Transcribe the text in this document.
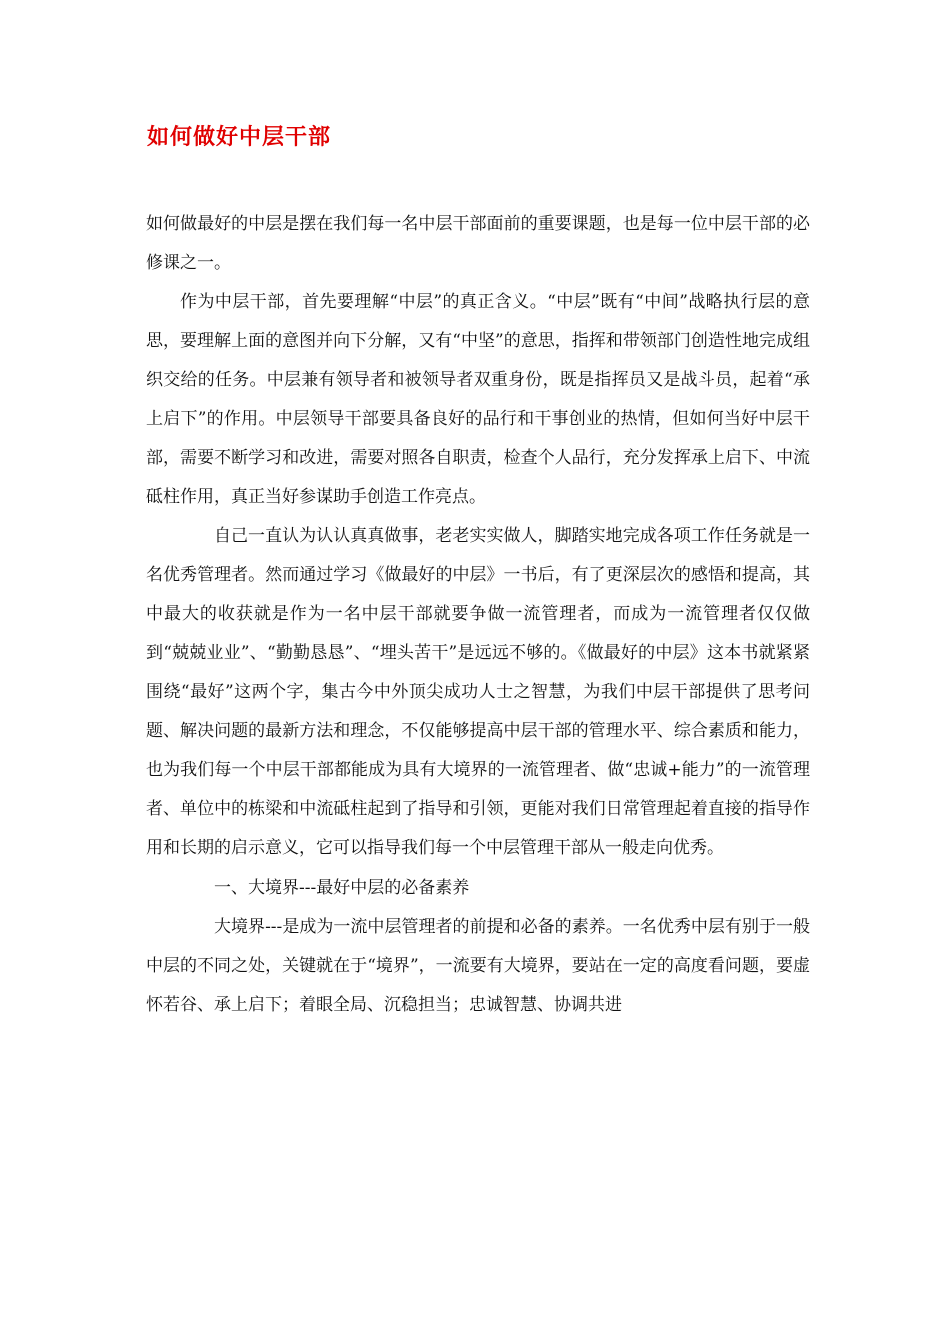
如何做好中层干部

如何做最好的中层是摆在我们每一名中层干部面前的重要课题，也是每一位中层干部的必修课之一。

作为中层干部，首先要理解“中层”的真正含义。“中层”既有“中间”战略执行层的意思，要理解上面的意图并向下分解，又有“中坚”的意思，指挥和带领部门创造性地完成组织交给的任务。中层兼有领导者和被领导者双重身份，既是指挥员又是战斗员，起着“承上启下”的作用。中层领导干部要具备良好的品行和干事创业的热情，但如何当好中层干部，需要不断学习和改进，需要对照各自职责，检查个人品行，充分发挥承上启下、中流砥柱作用，真正当好参谋助手创造工作亮点。

自己一直认为认认真真做事，老老实实做人，脚踏实地完成各项工作任务就是一名优秀管理者。然而通过学习《做最好的中层》一书后，有了更深层次的感悟和提高，其中最大的收获就是作为一名中层干部就要争做一流管理者，而成为一流管理者仅仅做到“兢兢业业”、“勤勤恳恳”、“埋头苦干”是远远不够的。《做最好的中层》这本书就紧紧围绕“最好”这两个字，集古今中外顶尖成功人士之智慧，为我们中层干部提供了思考问题、解决问题的最新方法和理念，不仅能够提高中层干部的管理水平、综合素质和能力，也为我们每一个中层干部都能成为具有大境界的一流管理者、做“忠诚+能力”的一流管理者、单位中的栋梁和中流砥柱起到了指导和引领，更能对我们日常管理起着直接的指导作用和长期的启示意义，它可以指导我们每一个中层管理干部从一般走向优秀。

一、大境界---最好中层的必备素养

大境界---是成为一流中层管理者的前提和必备的素养。一名优秀中层有别于一般中层的不同之处，关键就在于“境界”，一流要有大境界，要站在一定的高度看问题，要虚怀若谷、承上启下；着眼全局、沉稳担当；忠诚智慧、协调共进
